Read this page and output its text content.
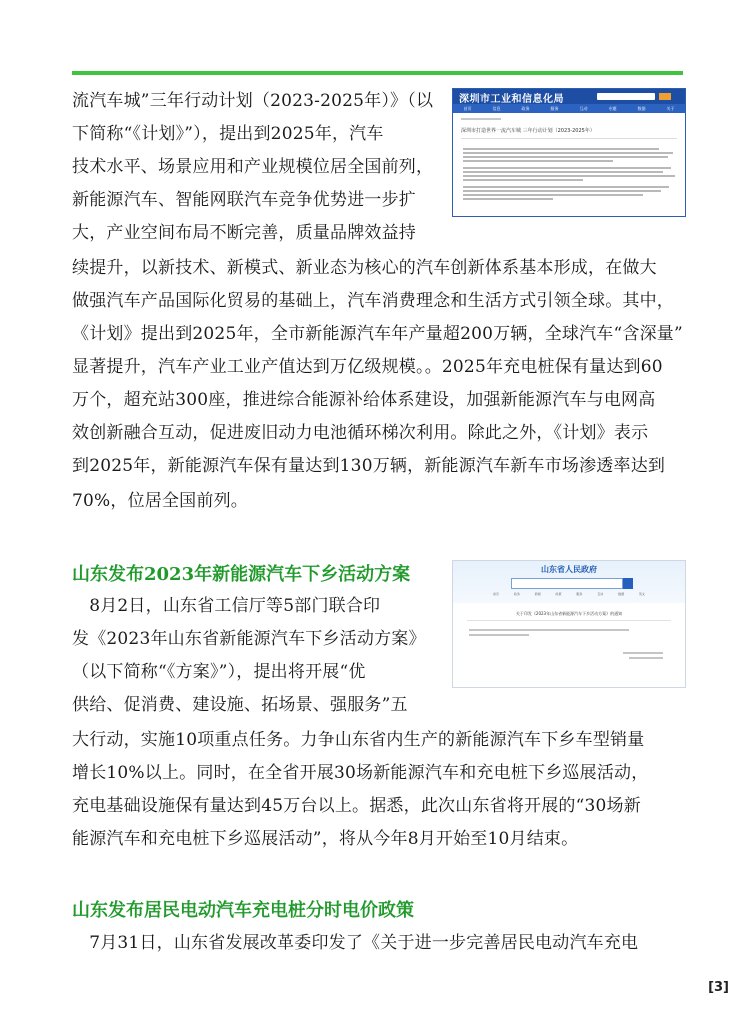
流汽车城”三年行动计划（2023-2025年）》（以
下简称“《计划》”），提出到2025年，汽车
技术水平、场景应用和产业规模位居全国前列，
新能源汽车、智能网联汽车竞争优势进一步扩
大，产业空间布局不断完善，质量品牌效益持
续提升，以新技术、新模式、新业态为核心的汽车创新体系基本形成，在做大
做强汽车产品国际化贸易的基础上，汽车消费理念和生活方式引领全球。其中，
《计划》提出到2025年，全市新能源汽车年产量超200万辆，全球汽车“含深量”
显著提升，汽车产业工业产值达到万亿级规模。。2025年充电桩保有量达到60
万个，超充站300座，推进综合能源补给体系建设，加强新能源汽车与电网高
效创新融合互动，促进废旧动力电池循环梯次利用。除此之外，《计划》表示
到2025年，新能源汽车保有量达到130万辆，新能源汽车新车市场渗透率达到
70%，位居全国前列。
深圳市工业和信息化局
首页	信息	政务	服务	互动	专题	数据	关于
深圳市打造世界一流汽车城 三年行动计划（2023-2025年）
山东发布2023年新能源汽车下乡活动方案
　8月2日，山东省工信厅等5部门联合印
发《2023年山东省新能源汽车下乡活动方案》
（以下简称“《方案》”），提出将开展“优
供给、促消费、建设施、拓场景、强服务”五
大行动，实施10项重点任务。力争山东省内生产的新能源汽车下乡车型销量
增长10%以上。同时，在全省开展30场新能源汽车和充电桩下乡巡展活动，
充电基础设施保有量达到45万台以上。据悉，此次山东省将开展的“30场新
能源汽车和充电桩下乡巡展活动”，将从今年8月开始至10月结束。
山东省人民政府
首页	政务	新闻	政策	服务	互动	数据	英文
关于印发《2023年山东省新能源汽车下乡活动方案》的通知
山东发布居民电动汽车充电桩分时电价政策
　7月31日，山东省发展改革委印发了《关于进一步完善居民电动汽车充电
[3]
